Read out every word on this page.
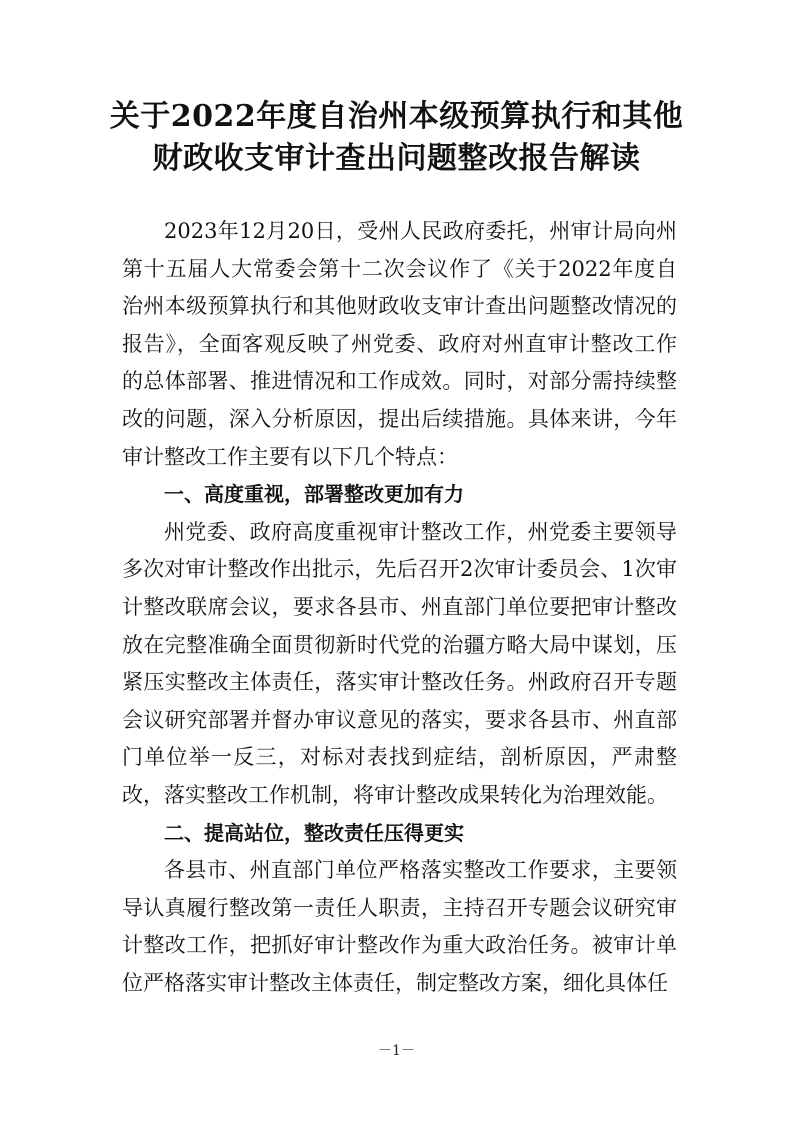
关于2022年度自治州本级预算执行和其他
财政收支审计查出问题整改报告解读

2023年12月20日，受州人民政府委托，州审计局向州第十五届人大常委会第十二次会议作了《关于2022年度自治州本级预算执行和其他财政收支审计查出问题整改情况的报告》，全面客观反映了州党委、政府对州直审计整改工作的总体部署、推进情况和工作成效。同时，对部分需持续整改的问题，深入分析原因，提出后续措施。具体来讲，今年审计整改工作主要有以下几个特点：

一、高度重视，部署整改更加有力

州党委、政府高度重视审计整改工作，州党委主要领导多次对审计整改作出批示，先后召开2次审计委员会、1次审计整改联席会议，要求各县市、州直部门单位要把审计整改放在完整准确全面贯彻新时代党的治疆方略大局中谋划，压紧压实整改主体责任，落实审计整改任务。州政府召开专题会议研究部署并督办审议意见的落实，要求各县市、州直部门单位举一反三，对标对表找到症结，剖析原因，严肃整改，落实整改工作机制，将审计整改成果转化为治理效能。

二、提高站位，整改责任压得更实

各县市、州直部门单位严格落实整改工作要求，主要领导认真履行整改第一责任人职责，主持召开专题会议研究审计整改工作，把抓好审计整改作为重大政治任务。被审计单位严格落实审计整改主体责任，制定整改方案，细化具体任

－1－
